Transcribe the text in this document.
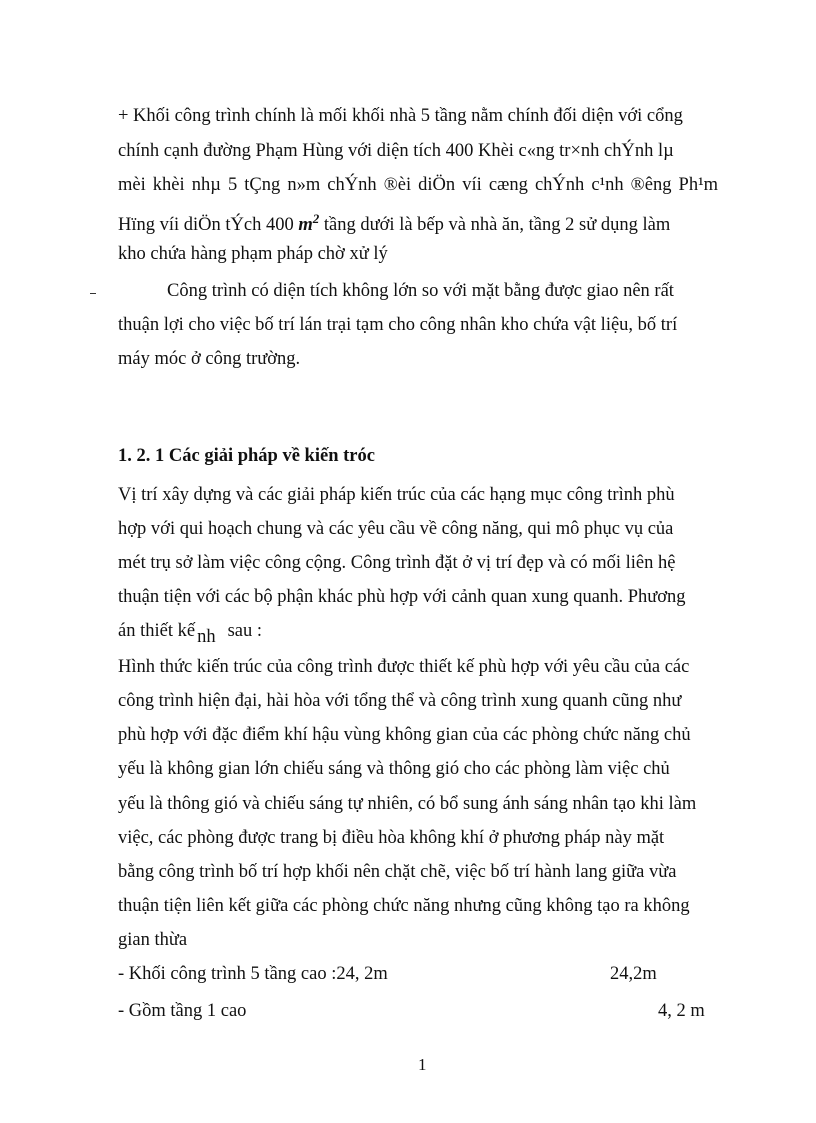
+ Khối công trình chính là mối khối nhà 5 tầng nằm chính đối diện với cổng
chính cạnh đường Phạm Hùng với diện tích 400 Khèi c«ng tr×nh chÝnh lµ
mèi khèi nhµ 5 tÇng n»m chÝnh ®èi diÖn víi cæng chÝnh c¹nh ®êng Ph¹m
Hïng víi diÖn tÝch 400 $m^2$ tầng dưới là bếp và nhà ăn, tầng 2 sử dụng làm
kho chứa hàng phạm pháp chờ xử lý
Công trình có diện tích không lớn so với mặt bằng được giao nên rất
thuận lợi cho việc bố trí lán trại tạm cho công nhân kho chứa vật liệu, bố trí
máy móc ở công trường.
1. 2. 1 Các giải pháp về kiến tróc
Vị trí xây dựng và các giải pháp kiến trúc của các hạng mục công trình phù
hợp với qui hoạch chung và các yêu cầu về công năng, qui mô phục vụ của
mét trụ sở làm việc công cộng. Công trình đặt ở vị trí đẹp và có mối liên hệ
thuận tiện với các bộ phận khác phù hợp với cảnh quan xung quanh. Phương
án thiết kế nh sau :
Hình thức kiến trúc của công trình được thiết kế phù hợp với yêu cầu của các
công trình hiện đại, hài hòa với tổng thể và công trình xung quanh cũng như
phù hợp với đặc điểm khí hậu vùng không gian của các phòng chức năng chủ
yếu là không gian lớn chiếu sáng và thông gió cho các phòng làm việc chủ
yếu là thông gió và chiếu sáng tự nhiên, có bổ sung ánh sáng nhân tạo khi làm
việc, các phòng được trang bị điều hòa không khí ở phương pháp này mặt
bằng công trình bố trí hợp khối nên chặt chẽ, việc bố trí hành lang giữa vừa
thuận tiện liên kết giữa các phòng chức năng nhưng cũng không tạo ra không
gian thừa
- Khối công trình 5 tầng cao :24, 2m	24,2m
- Gồm tầng 1 cao	4, 2 m
1
